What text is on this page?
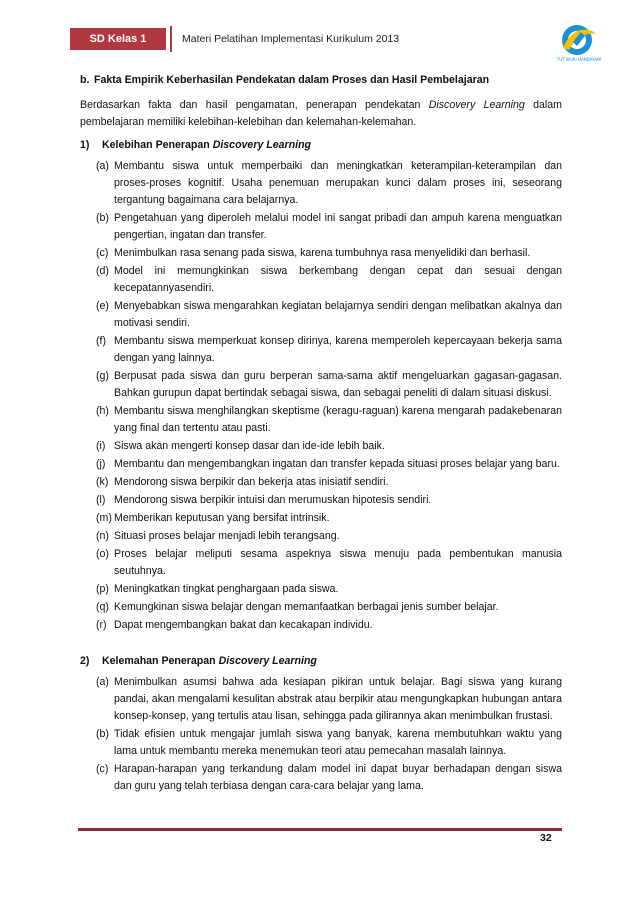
SD Kelas 1	Materi Pelatihan Implementasi Kurikulum 2013
TUT WURI HANDAYANI
b. Fakta Empirik Keberhasilan Pendekatan dalam Proses dan Hasil Pembelajaran

Berdasarkan fakta dan hasil pengamatan, penerapan pendekatan Discovery Learning dalam pembelajaran memiliki kelebihan-kelebihan dan kelemahan-kelemahan.

1) Kelebihan Penerapan Discovery Learning
(a) Membantu siswa untuk memperbaiki dan meningkatkan keterampilan-keterampilan dan proses-proses kognitif. Usaha penemuan merupakan kunci dalam proses ini, seseorang tergantung bagaimana cara belajarnya.
(b) Pengetahuan yang diperoleh melalui model ini sangat pribadi dan ampuh karena menguatkan pengertian, ingatan dan transfer.
(c) Menimbulkan rasa senang pada siswa, karena tumbuhnya rasa menyelidiki dan berhasil.
(d) Model ini memungkinkan siswa berkembang dengan cepat dan sesuai dengan kecepatannyasendiri.
(e) Menyebabkan siswa mengarahkan kegiatan belajarnya sendiri dengan melibatkan akalnya dan motivasi sendiri.
(f) Membantu siswa memperkuat konsep dirinya, karena memperoleh kepercayaan bekerja sama dengan yang lainnya.
(g) Berpusat pada siswa dan guru berperan sama-sama aktif mengeluarkan gagasan-gagasan. Bahkan gurupun dapat bertindak sebagai siswa, dan sebagai peneliti di dalam situasi diskusi.
(h) Membantu siswa menghilangkan skeptisme (keragu-raguan) karena mengarah padakebenaran yang final dan tertentu atau pasti.
(i) Siswa akan mengerti konsep dasar dan ide-ide lebih baik.
(j) Membantu dan mengembangkan ingatan dan transfer kepada situasi proses belajar yang baru.
(k) Mendorong siswa berpikir dan bekerja atas inisiatif sendiri.
(l) Mendorong siswa berpikir intuisi dan merumuskan hipotesis sendiri.
(m) Memberikan keputusan yang bersifat intrinsik.
(n) Situasi proses belajar menjadi lebih terangsang.
(o) Proses belajar meliputi sesama aspeknya siswa menuju pada pembentukan manusia seutuhnya.
(p) Meningkatkan tingkat penghargaan pada siswa.
(q) Kemungkinan siswa belajar dengan memanfaatkan berbagai jenis sumber belajar.
(r) Dapat mengembangkan bakat dan kecakapan individu.
2) Kelemahan Penerapan Discovery Learning
(a) Menimbulkan asumsi bahwa ada kesiapan pikiran untuk belajar. Bagi siswa yang kurang pandai, akan mengalami kesulitan abstrak atau berpikir atau mengungkapkan hubungan antara konsep-konsep, yang tertulis atau lisan, sehingga pada gilirannya akan menimbulkan frustasi.
(b) Tidak efisien untuk mengajar jumlah siswa yang banyak, karena membutuhkan waktu yang lama untuk membantu mereka menemukan teori atau pemecahan masalah lainnya.
(c) Harapan-harapan yang terkandung dalam model ini dapat buyar berhadapan dengan siswa dan guru yang telah terbiasa dengan cara-cara belajar yang lama.
32
